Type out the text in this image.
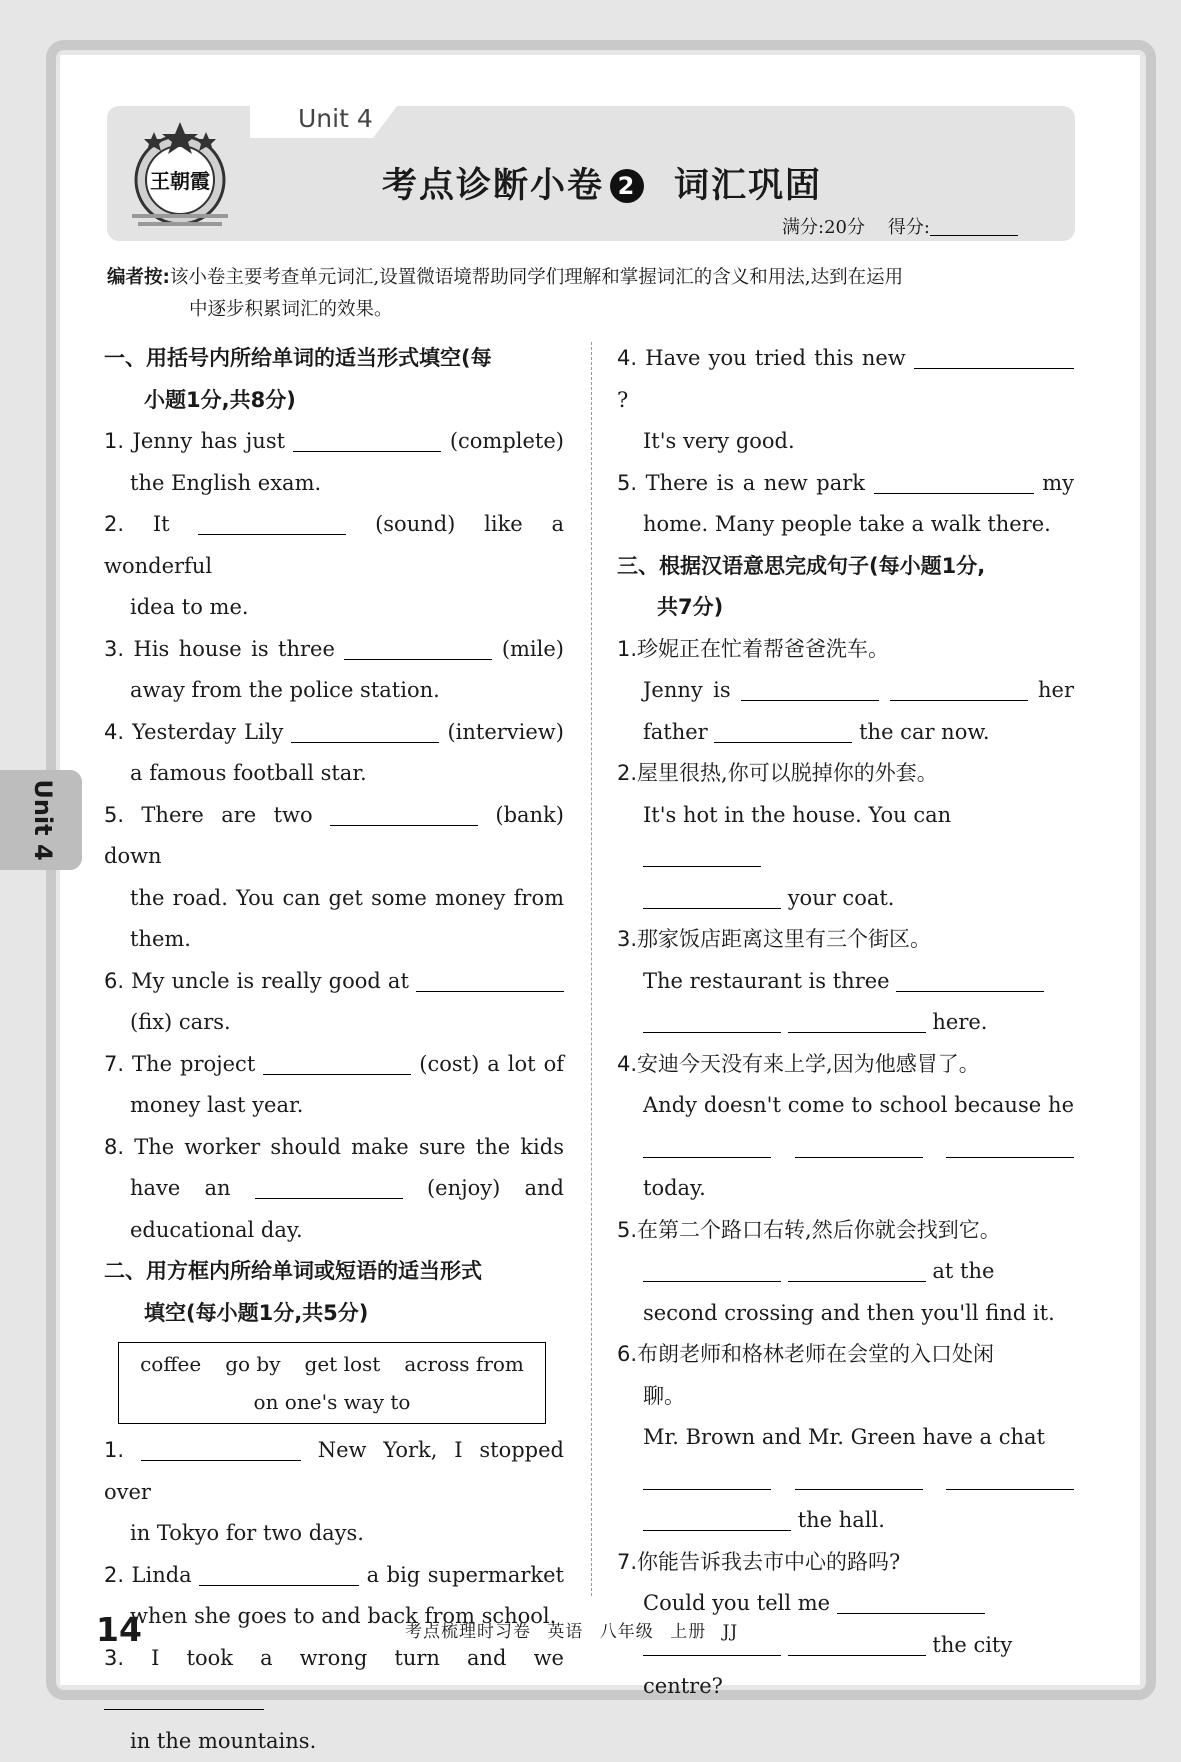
Unit 4
王朝霞	考点诊断小卷 2 词汇巩固
满分:20分 得分:
编者按:该小卷主要考查单元词汇,设置微语境帮助同学们理解和掌握词汇的含义和用法,达到在运用
中逐步积累词汇的效果。
一、用括号内所给单词的适当形式填空(每
小题1分,共8分)
1. Jenny has just	(complete)
the English exam.
2. It	(sound) like a wonderful
idea to me.
3. His house is three	(mile)
away from the police station.
4. Yesterday Lily	(interview)
a famous football star.
5. There are two	(bank) down
the road. You can get some money from
them.
6. My uncle is really good at
(fix) cars.
7. The project	(cost) a lot of
money last year.
8. The worker should make sure the kids
have an	(enjoy) and
educational day.
二、用方框内所给单词或短语的适当形式
填空(每小题1分,共5分)
coffee go by get lost across from
on one's way to
1.	New York, I stopped over
in Tokyo for two days.
2. Linda	a big supermarket
when she goes to and back from school.
3. I took a wrong turn and we
in the mountains.
4. Have you tried this new ?
It's very good.
5. There is a new park	my
home. Many people take a walk there.
三、根据汉语意思完成句子(每小题1分,
共7分)
1.珍妮正在忙着帮爸爸洗车。
Jenny is	her
father	the car now.
2.屋里很热,你可以脱掉你的外套。
It's hot in the house. You can
your coat.
3.那家饭店距离这里有三个街区。
The restaurant is three
here.
4.安迪今天没有来上学,因为他感冒了。
Andy doesn't come to school because he

today.
5.在第二个路口右转,然后你就会找到它。
at the
second crossing and then you'll find it.
6.布朗老师和格林老师在会堂的入口处闲
聊。
Mr. Brown and Mr. Green have a chat

the hall.
7.你能告诉我去市中心的路吗?
Could you tell me
the city centre?
Unit 4
14	考点梳理时习卷 英语 八年级 上册 JJ
